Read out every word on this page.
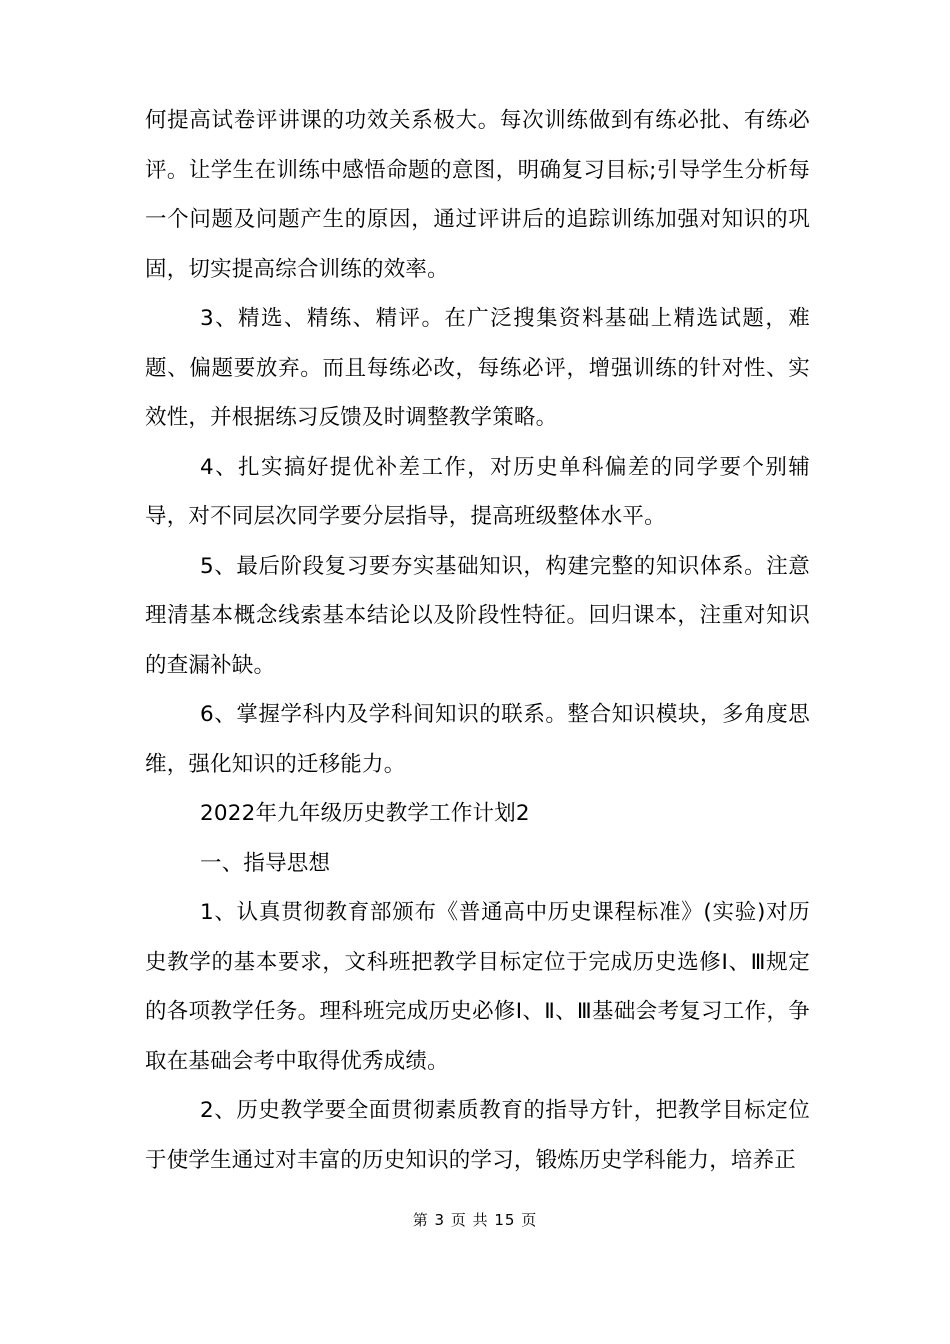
何提高试卷评讲课的功效关系极大。每次训练做到有练必批、有练必评。让学生在训练中感悟命题的意图，明确复习目标;引导学生分析每一个问题及问题产生的原因，通过评讲后的追踪训练加强对知识的巩固，切实提高综合训练的效率。

3、精选、精练、精评。在广泛搜集资料基础上精选试题，难题、偏题要放弃。而且每练必改，每练必评，增强训练的针对性、实效性，并根据练习反馈及时调整教学策略。

4、扎实搞好提优补差工作，对历史单科偏差的同学要个别辅导，对不同层次同学要分层指导，提高班级整体水平。

5、最后阶段复习要夯实基础知识，构建完整的知识体系。注意理清基本概念线索基本结论以及阶段性特征。回归课本，注重对知识的查漏补缺。

6、掌握学科内及学科间知识的联系。整合知识模块，多角度思维，强化知识的迁移能力。

2022年九年级历史教学工作计划2

一、指导思想

1、认真贯彻教育部颁布《普通高中历史课程标准》(实验)对历史教学的基本要求，文科班把教学目标定位于完成历史选修Ⅰ、Ⅲ规定的各项教学任务。理科班完成历史必修Ⅰ、Ⅱ、Ⅲ基础会考复习工作，争取在基础会考中取得优秀成绩。

2、历史教学要全面贯彻素质教育的指导方针，把教学目标定位于使学生通过对丰富的历史知识的学习，锻炼历史学科能力，培养正

第 3 页 共 15 页
